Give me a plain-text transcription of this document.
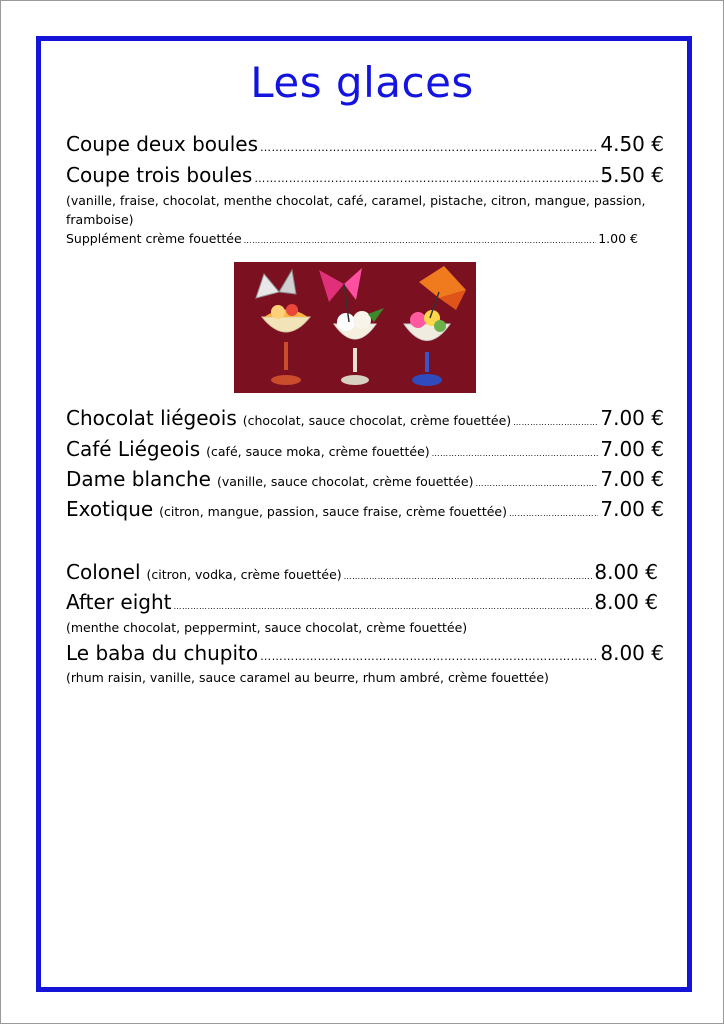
Les glaces
Coupe deux boules ……………………………………………………………………………………………………………………………………………………………………………………………	4.50 €
Coupe trois boules ……………………………………………………………………………………………………………………………………………………………………………………………	5.50 €
(vanille, fraise, chocolat, menthe chocolat, café, caramel, pistache, citron, mangue, passion, framboise)
Supplément crème fouettée ……………………………………………………………………………………………………………………………………………………………………………………………	1.00 €
Chocolat liégeois (chocolat, sauce chocolat, crème fouettée) ……………………………………………………………………………………………………………………………………………………………………………………………	7.00 €
Café Liégeois (café, sauce moka, crème fouettée) ……………………………………………………………………………………………………………………………………………………………………………………………	7.00 €
Dame blanche (vanille, sauce chocolat, crème fouettée) ……………………………………………………………………………………………………………………………………………………………………………………………	7.00 €
Exotique (citron, mangue, passion, sauce fraise, crème fouettée) ……………………………………………………………………………………………………………………………………………………………………………………………	7.00 €
Colonel (citron, vodka, crème fouettée) ……………………………………………………………………………………………………………………………………………………………………………………………	8.00 €
After eight ……………………………………………………………………………………………………………………………………………………………………………………………	8.00 €
(menthe chocolat, peppermint, sauce chocolat, crème fouettée)
Le baba du chupito ……………………………………………………………………………………………………………………………………………………………………………………………	8.00 €
(rhum raisin, vanille, sauce caramel au beurre, rhum ambré, crème fouettée)
